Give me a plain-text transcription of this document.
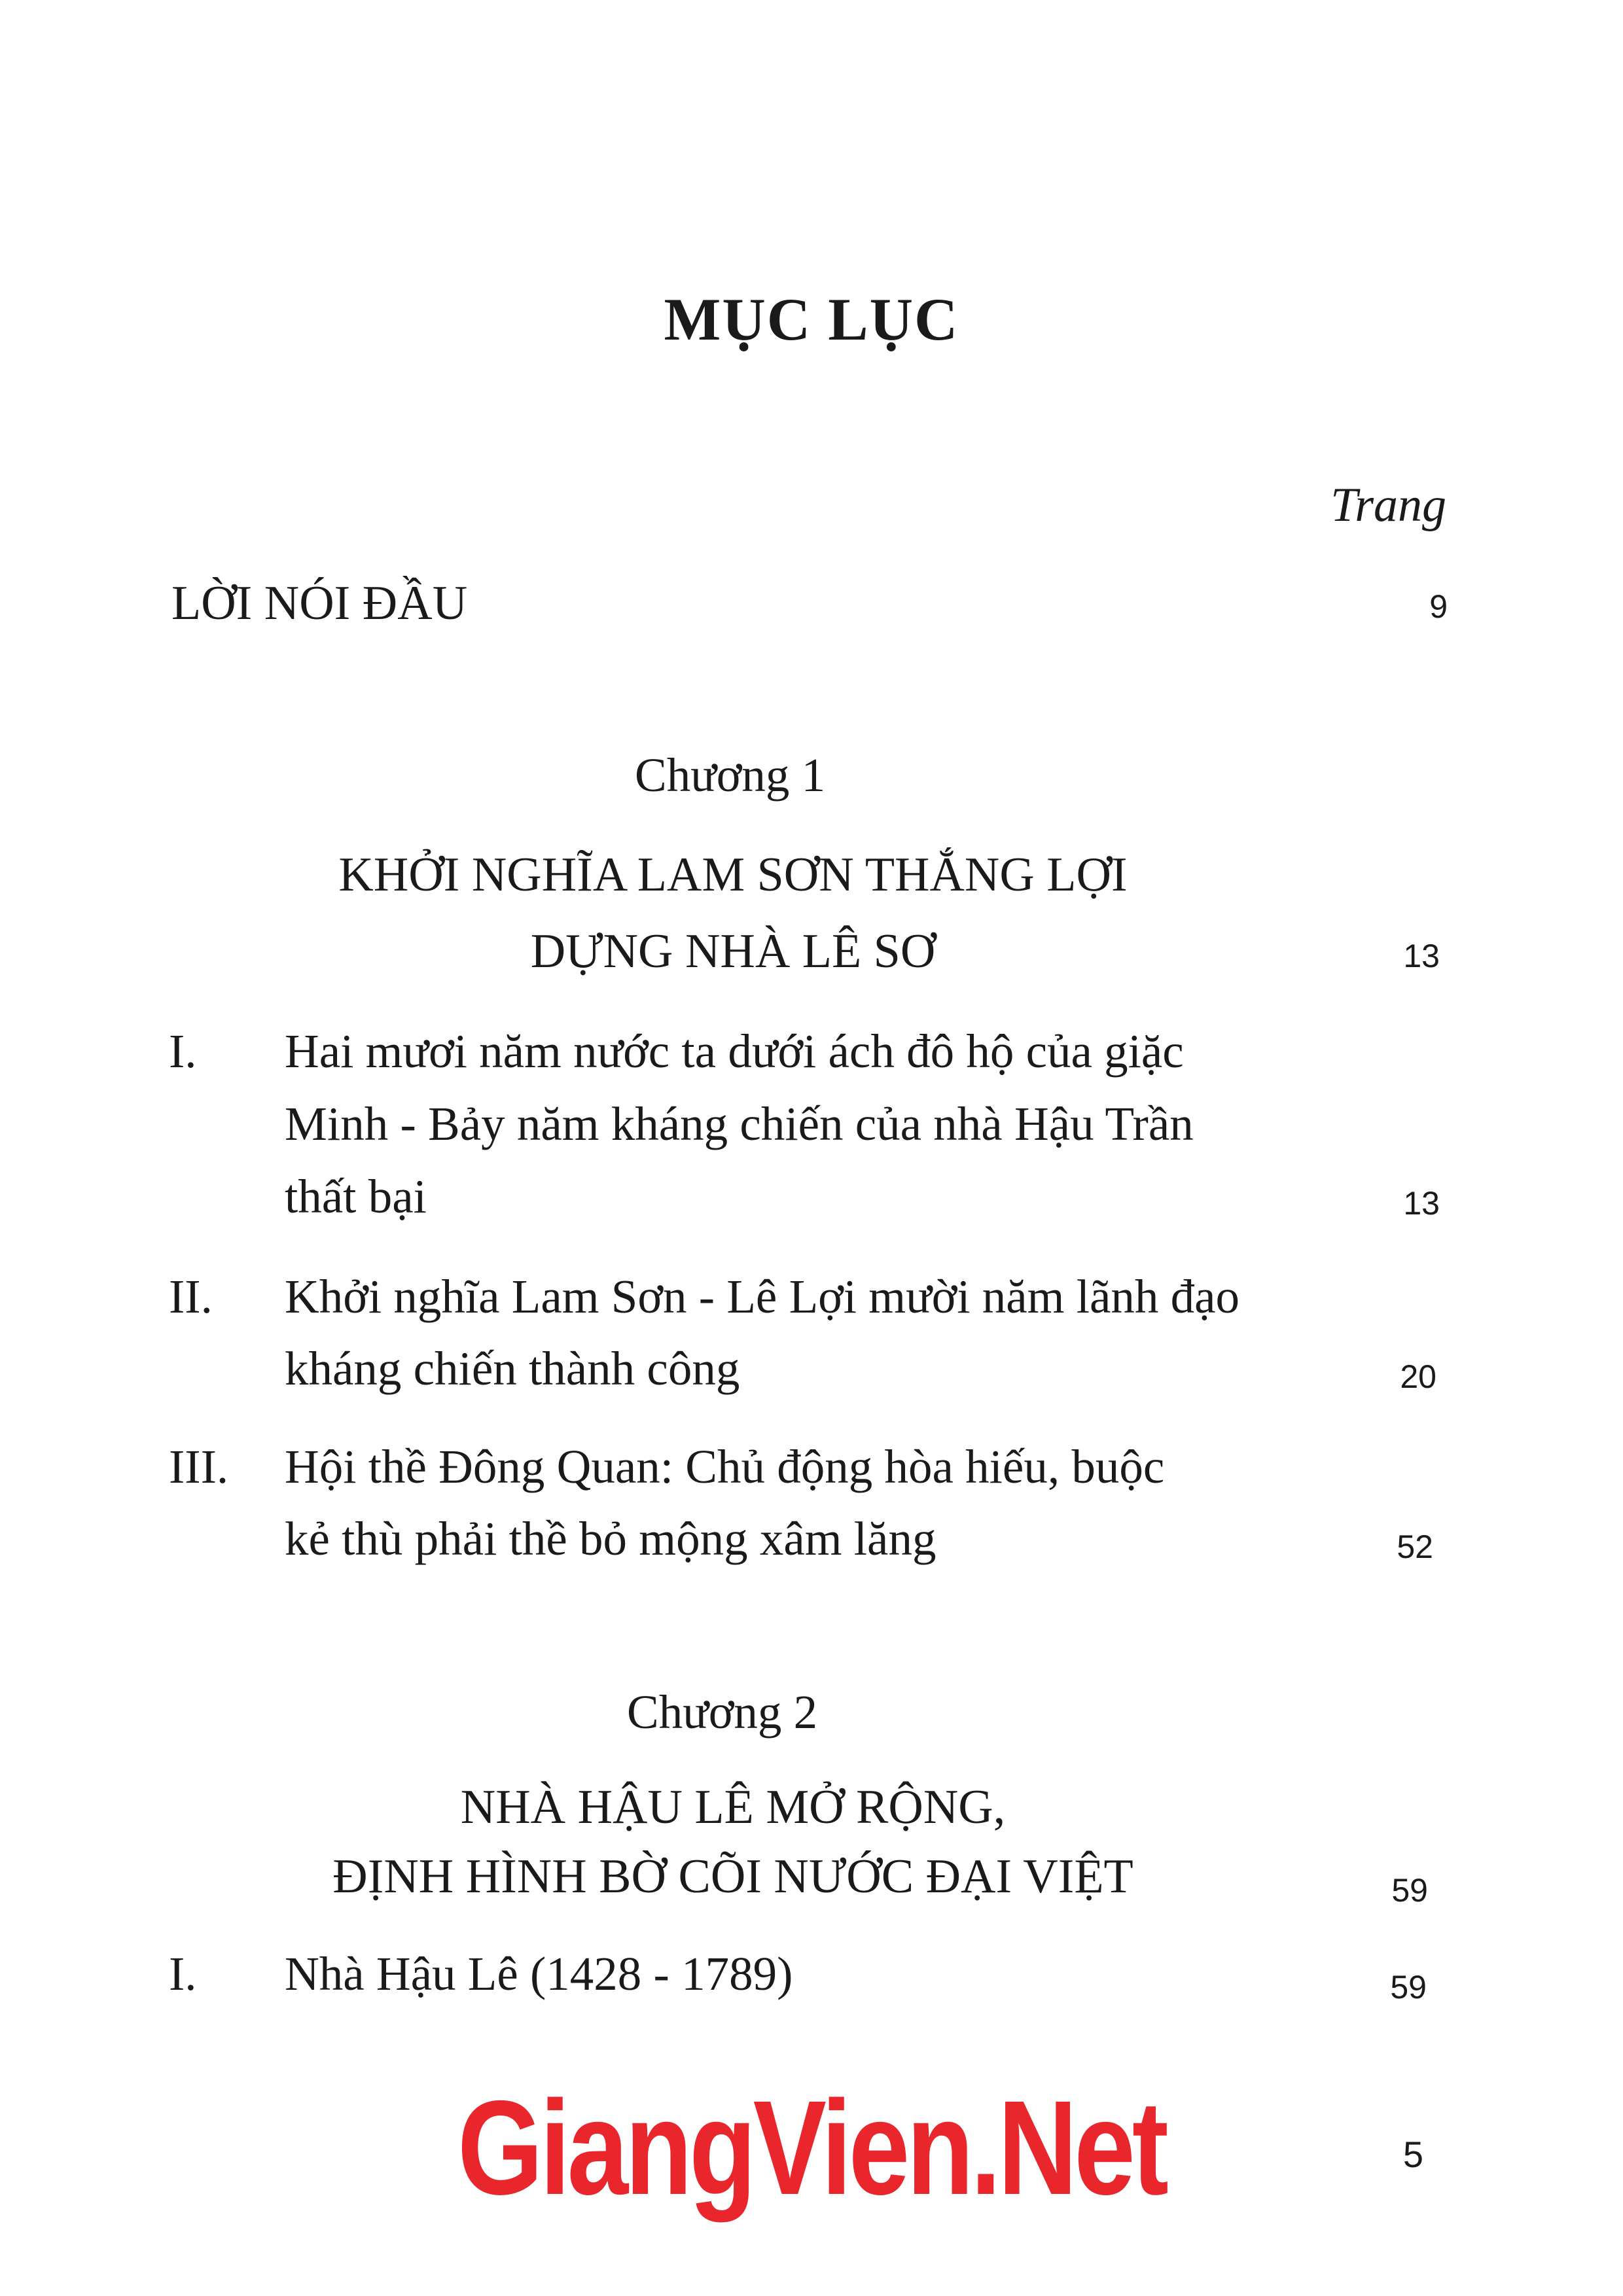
MỤC LỤC
Trang
LỜI NÓI ĐẦU	9
Chương 1
KHỞI NGHĨA LAM SƠN THẮNG LỢI
DỰNG NHÀ LÊ SƠ	13
I. Hai mươi năm nước ta dưới ách đô hộ của giặc
Minh - Bảy năm kháng chiến của nhà Hậu Trần
thất bại	13
II. Khởi nghĩa Lam Sơn - Lê Lợi mười năm lãnh đạo
kháng chiến thành công	20
III. Hội thề Đông Quan: Chủ động hòa hiếu, buộc
kẻ thù phải thề bỏ mộng xâm lăng	52
Chương 2
NHÀ HẬU LÊ MỞ RỘNG,
ĐỊNH HÌNH BỜ CÕI NƯỚC ĐẠI VIỆT	59
I. Nhà Hậu Lê (1428 - 1789)	59
GiangVien.Net	5
